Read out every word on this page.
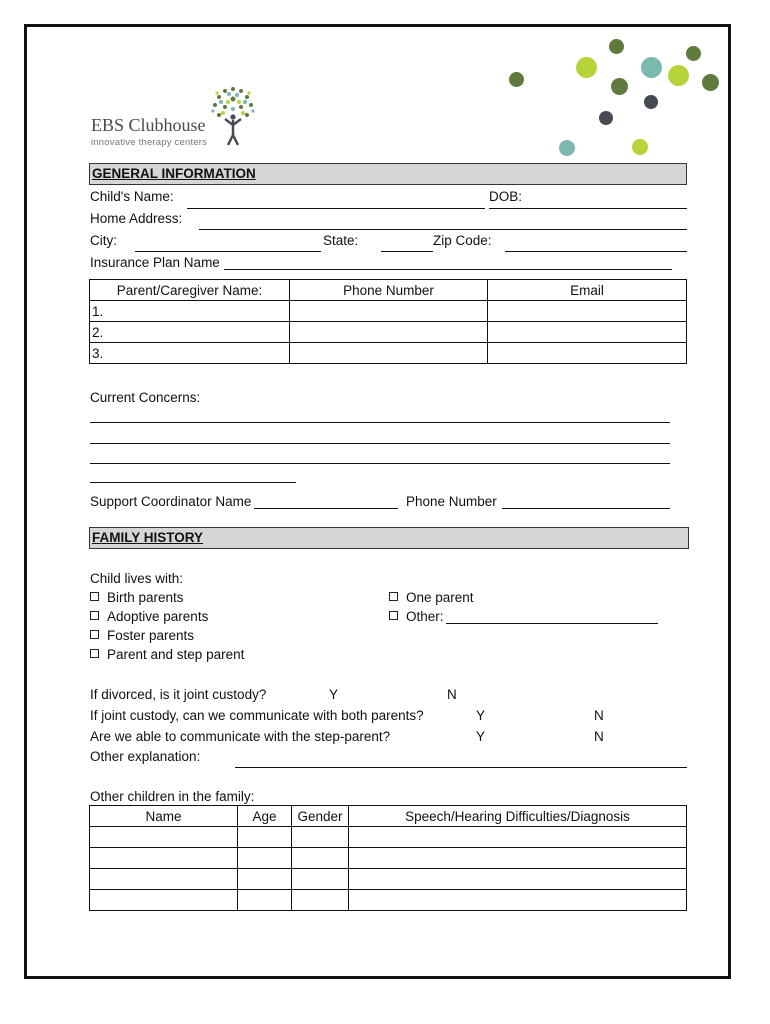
EBS Clubhouse
innovative therapy centers
GENERAL INFORMATION
Child's Name:	DOB:
Home Address:
City:	State:	Zip Code:
Insurance Plan Name
Parent/Caregiver Name:	Phone Number	Email
1.		
2.		
3.		
Current Concerns:
Support Coordinator Name	Phone Number
FAMILY HISTORY
Child lives with:
Birth parents
Adoptive parents
Foster parents
Parent and step parent
One parent
Other:
If divorced, is it joint custody?	Y	N
If joint custody, can we communicate with both parents?	Y	N
Are we able to communicate with the step-parent?	Y	N
Other explanation:
Other children in the family:
Name	Age	Gender	Speech/Hearing Difficulties/Diagnosis
